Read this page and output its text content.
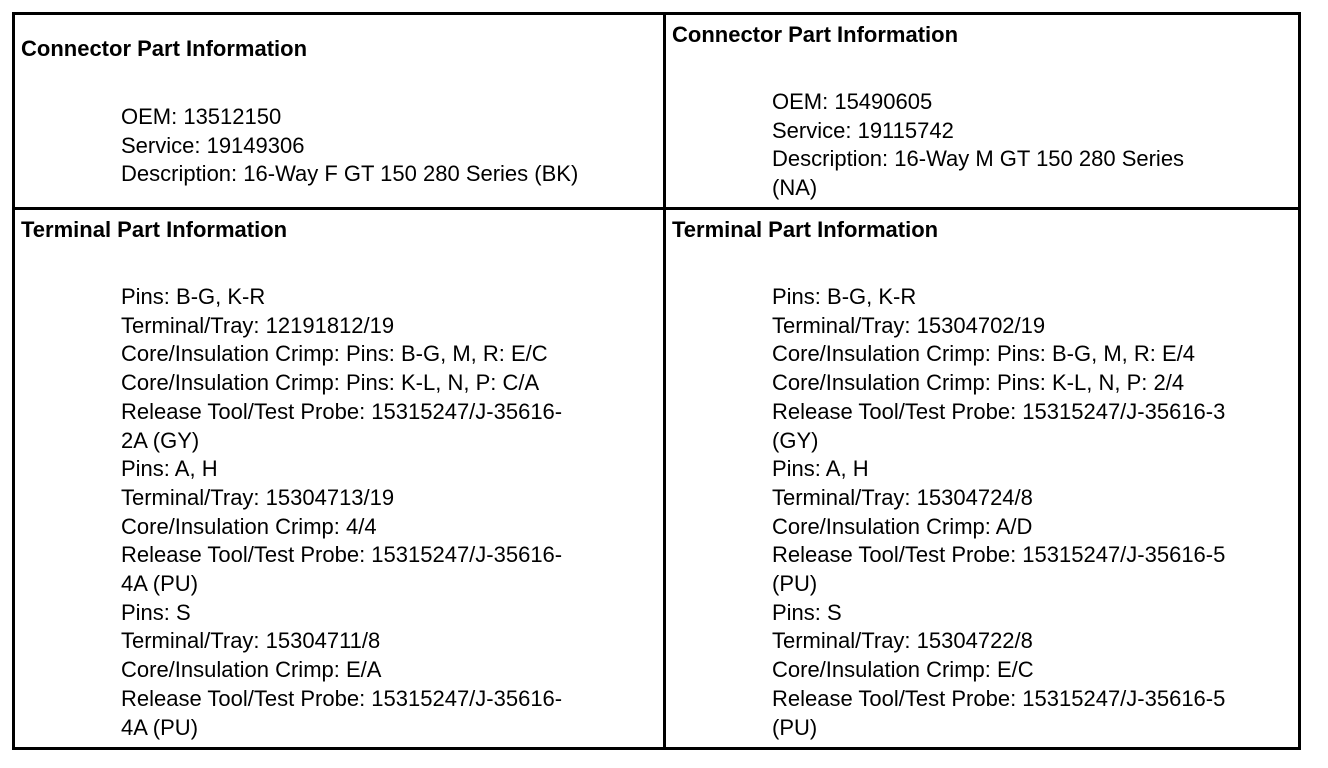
Connector Part Information
OEM: 13512150
Service: 19149306
Description: 16-Way F GT 150 280 Series (BK)
Connector Part Information
OEM: 15490605
Service: 19115742
Description: 16-Way M GT 150 280 Series
(NA)
Terminal Part Information
Pins: B-G, K-R
Terminal/Tray: 12191812/19
Core/Insulation Crimp: Pins: B-G, M, R: E/C
Core/Insulation Crimp: Pins: K-L, N, P: C/A
Release Tool/Test Probe: 15315247/J-35616-
2A (GY)
Pins: A, H
Terminal/Tray: 15304713/19
Core/Insulation Crimp: 4/4
Release Tool/Test Probe: 15315247/J-35616-
4A (PU)
Pins: S
Terminal/Tray: 15304711/8
Core/Insulation Crimp: E/A
Release Tool/Test Probe: 15315247/J-35616-
4A (PU)
Terminal Part Information
Pins: B-G, K-R
Terminal/Tray: 15304702/19
Core/Insulation Crimp: Pins: B-G, M, R: E/4
Core/Insulation Crimp: Pins: K-L, N, P: 2/4
Release Tool/Test Probe: 15315247/J-35616-3
(GY)
Pins: A, H
Terminal/Tray: 15304724/8
Core/Insulation Crimp: A/D
Release Tool/Test Probe: 15315247/J-35616-5
(PU)
Pins: S
Terminal/Tray: 15304722/8
Core/Insulation Crimp: E/C
Release Tool/Test Probe: 15315247/J-35616-5
(PU)
